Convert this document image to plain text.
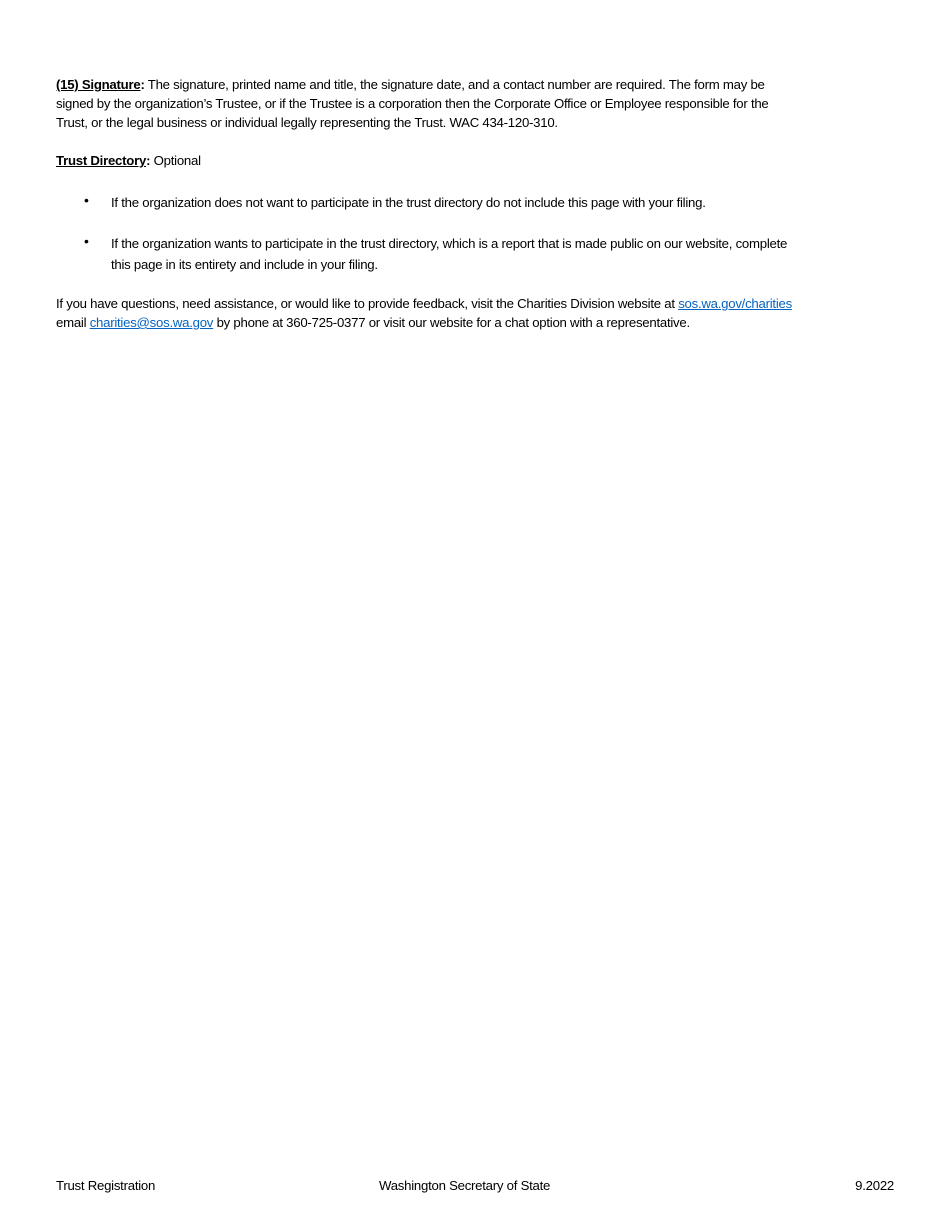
(15) Signature: The signature, printed name and title, the signature date, and a contact number are required. The form may be
signed by the organization’s Trustee, or if the Trustee is a corporation then the Corporate Office or Employee responsible for the
Trust, or the legal business or individual legally representing the Trust. WAC 434-120-310.
Trust Directory: Optional
• If the organization does not want to participate in the trust directory do not include this page with your filing.
• If the organization wants to participate in the trust directory, which is a report that is made public on our website, complete
this page in its entirety and include in your filing.
If you have questions, need assistance, or would like to provide feedback, visit the Charities Division website at sos.wa.gov/charities
email charities@sos.wa.gov by phone at 360-725-0377 or visit our website for a chat option with a representative.
Trust Registration	Washington Secretary of State	9.2022
